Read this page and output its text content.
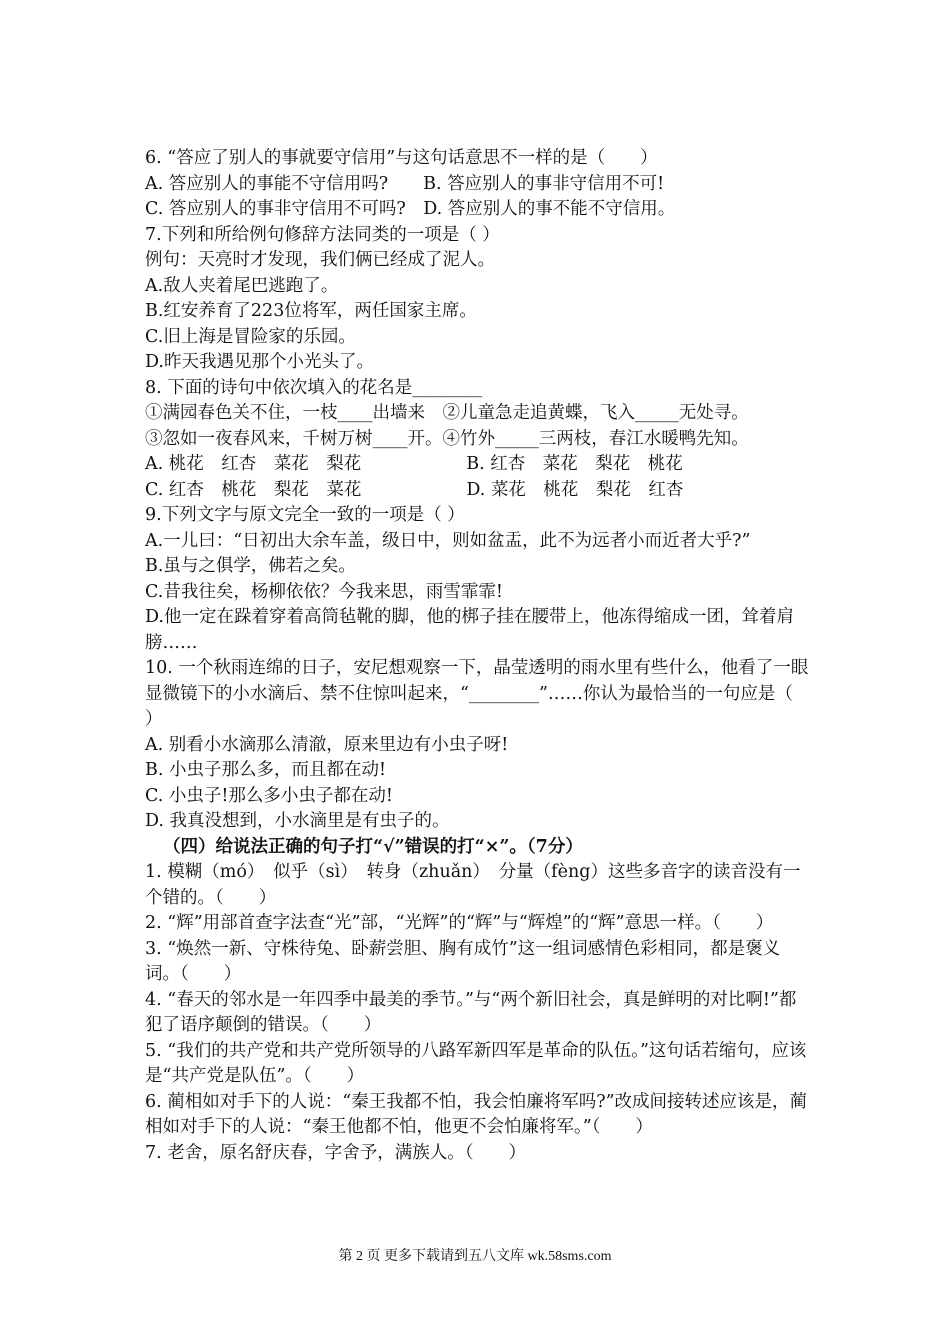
6. “答应了别人的事就要守信用”与这句话意思不一样的是（　　）
A. 答应别人的事能不守信用吗?　　B. 答应别人的事非守信用不可!
C. 答应别人的事非守信用不可吗?　D. 答应别人的事不能不守信用。
7.下列和所给例句修辞方法同类的一项是（ ）
例句：天亮时才发现，我们俩已经成了泥人。
A.敌人夹着尾巴逃跑了。
B.红安养育了223位将军，两任国家主席。
C.旧上海是冒险家的乐园。
D.昨天我遇见那个小光头了。
8. 下面的诗句中依次填入的花名是________
①满园春色关不住，一枝____出墙来　②儿童急走追黄蝶，飞入_____无处寻。
③忽如一夜春风来，千树万树____开。④竹外_____三两枝，春江水暖鸭先知。
A. 桃花　红杏　菜花　梨花　　　　　　B. 红杏　菜花　梨花　桃花
C. 红杏　桃花　梨花　菜花　　　　　　D. 菜花　桃花　梨花　红杏
9.下列文字与原文完全一致的一项是（ ）
A.一儿曰：“日初出大余车盖，级日中，则如盆盂，此不为远者小而近者大乎?”
B.虽与之俱学，佛若之矣。
C.昔我往矣，杨柳依依？今我来思，雨雪霏霏!
D.他一定在跺着穿着高筒毡靴的脚，他的梆子挂在腰带上，他冻得缩成一团，耸着肩膀……
10. 一个秋雨连绵的日子，安尼想观察一下，晶莹透明的雨水里有些什么，他看了一眼显微镜下的小水滴后、禁不住惊叫起来，“________”……你认为最恰当的一句应是（　　）
A. 别看小水滴那么清澈，原来里边有小虫子呀!
B. 小虫子那么多，而且都在动!
C. 小虫子!那么多小虫子都在动!
D. 我真没想到，小水滴里是有虫子的。
（四）给说法正确的句子打“√”错误的打“×”。（7分）
1. 模糊（mó）　似乎（sì）　转身（zhuǎn）　分量（fèng）这些多音字的读音没有一个错的。（　　）
2. “辉”用部首查字法查“光”部，“光辉”的“辉”与“辉煌”的“辉”意思一样。（　　）
3. “焕然一新、守株待兔、卧薪尝胆、胸有成竹”这一组词感情色彩相同，都是褒义词。（　　）
4. “春天的邻水是一年四季中最美的季节。”与“两个新旧社会，真是鲜明的对比啊!”都犯了语序颠倒的错误。（　　）
5. “我们的共产党和共产党所领导的八路军新四军是革命的队伍。”这句话若缩句，应该是“共产党是队伍”。（　　）
6. 蔺相如对手下的人说：“秦王我都不怕，我会怕廉将军吗?”改成间接转述应该是，蔺相如对手下的人说：“秦王他都不怕，他更不会怕廉将军。”（　　）
7. 老舍，原名舒庆春，字舍予，满族人。（　　）
第 2 页 更多下载请到五八文库 wk.58sms.com
